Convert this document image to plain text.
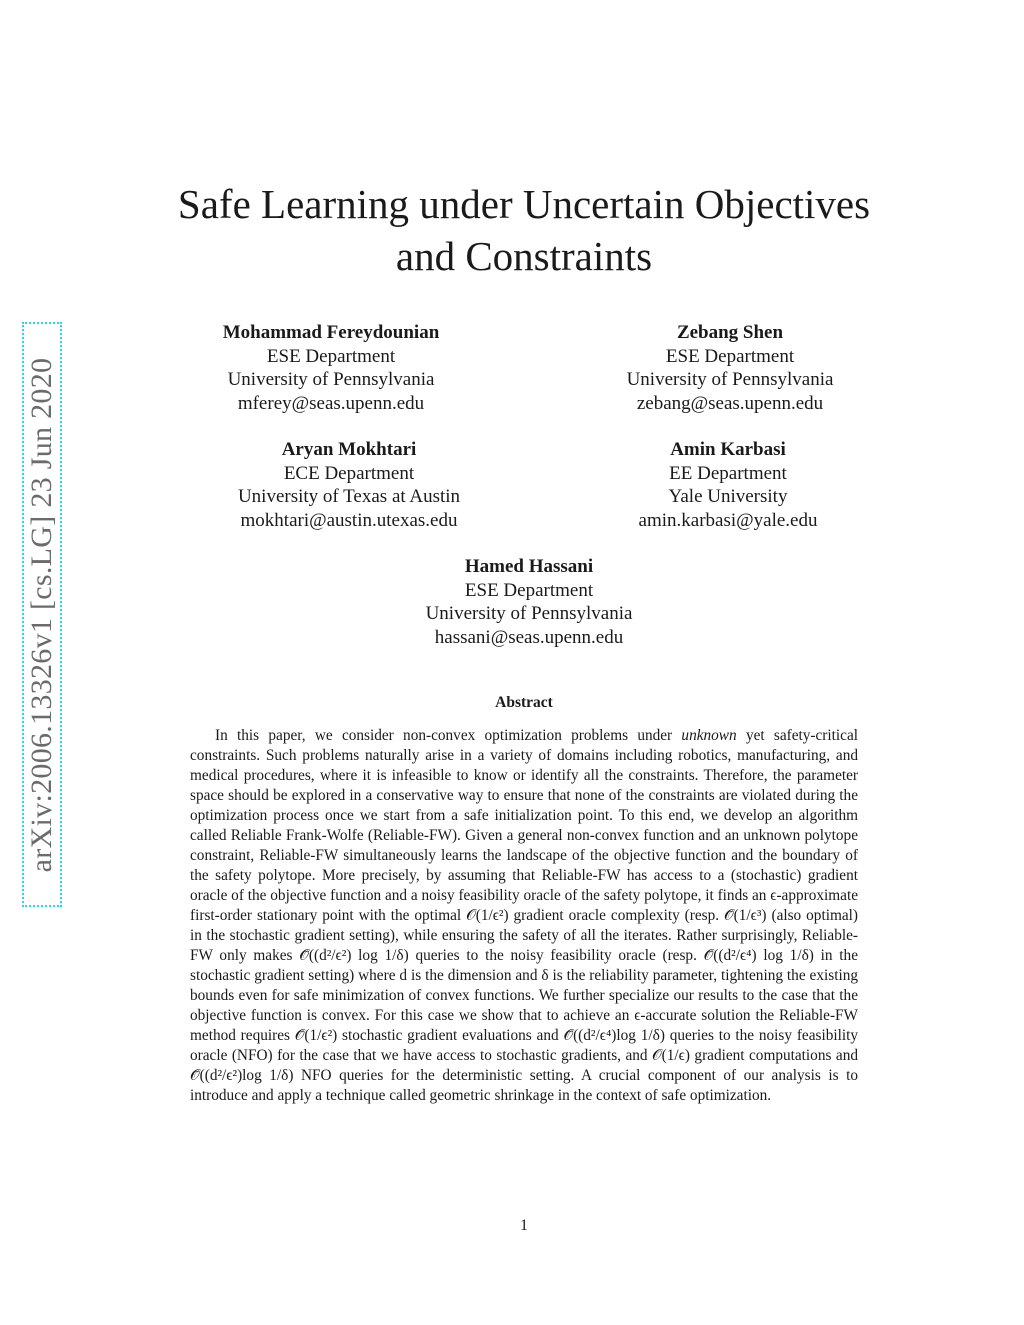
arXiv:2006.13326v1 [cs.LG] 23 Jun 2020
Safe Learning under Uncertain Objectives
and Constraints
Mohammad Fereydounian
ESE Department
University of Pennsylvania
mferey@seas.upenn.edu
Zebang Shen
ESE Department
University of Pennsylvania
zebang@seas.upenn.edu
Aryan Mokhtari
ECE Department
University of Texas at Austin
mokhtari@austin.utexas.edu
Amin Karbasi
EE Department
Yale University
amin.karbasi@yale.edu
Hamed Hassani
ESE Department
University of Pennsylvania
hassani@seas.upenn.edu
Abstract

In this paper, we consider non-convex optimization problems under unknown yet safety-critical constraints. Such problems naturally arise in a variety of domains including robotics, manufacturing, and medical procedures, where it is infeasible to know or identify all the constraints. Therefore, the parameter space should be explored in a conservative way to ensure that none of the constraints are violated during the optimization process once we start from a safe initialization point. To this end, we develop an algorithm called Reliable Frank-Wolfe (Reliable-FW). Given a general non-convex function and an unknown polytope constraint, Reliable-FW simultaneously learns the landscape of the objective function and the boundary of the safety polytope. More precisely, by assuming that Reliable-FW has access to a (stochastic) gradient oracle of the objective function and a noisy feasibility oracle of the safety polytope, it finds an ϵ-approximate first-order stationary point with the optimal 𝒪(1/ϵ²) gradient oracle complexity (resp. 𝒪̃(1/ϵ³) (also optimal) in the stochastic gradient setting), while ensuring the safety of all the iterates. Rather surprisingly, Reliable-FW only makes 𝒪̃((d²/ϵ²) log 1/δ) queries to the noisy feasibility oracle (resp. 𝒪̃((d²/ϵ⁴) log 1/δ) in the stochastic gradient setting) where d is the dimension and δ is the reliability parameter, tightening the existing bounds even for safe minimization of convex functions. We further specialize our results to the case that the objective function is convex. For this case we show that to achieve an ϵ-accurate solution the Reliable-FW method requires 𝒪̃(1/ϵ²) stochastic gradient evaluations and 𝒪̃((d²/ϵ⁴)log 1/δ) queries to the noisy feasibility oracle (NFO) for the case that we have access to stochastic gradients, and 𝒪(1/ϵ) gradient computations and 𝒪̃((d²/ϵ²)log 1/δ) NFO queries for the deterministic setting. A crucial component of our analysis is to introduce and apply a technique called geometric shrinkage in the context of safe optimization.

1
